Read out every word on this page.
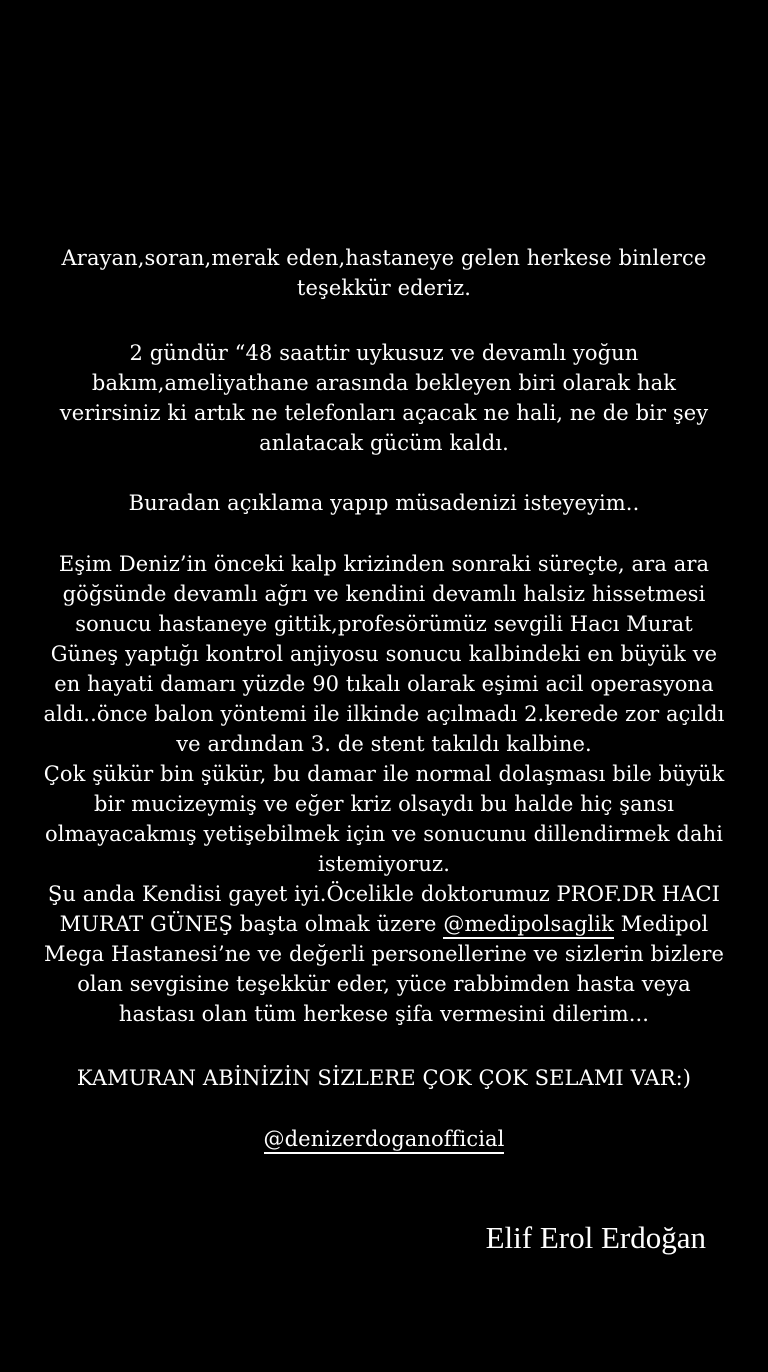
Arayan,soran,merak eden,hastaneye gelen herkese binlerce teşekkür ederiz.
2 gündür “48 saattir uykusuz ve devamlı yoğun bakım,ameliyathane arasında bekleyen biri olarak hak verirsiniz ki artık ne telefonları açacak ne hali, ne de bir şey anlatacak gücüm kaldı.
Buradan açıklama yapıp müsadenizi isteyeyim..
Eşim Deniz’in önceki kalp krizinden sonraki süreçte, ara ara göğsünde devamlı ağrı ve kendini devamlı halsiz hissetmesi sonucu hastaneye gittik,profesörümüz sevgili Hacı Murat Güneş yaptığı kontrol anjiyosu sonucu kalbindeki en büyük ve en hayati damarı yüzde 90 tıkalı olarak eşimi acil operasyona aldı..önce balon yöntemi ile ilkinde açılmadı 2.kerede zor açıldı ve ardından 3. de stent takıldı kalbine.
Çok şükür bin şükür, bu damar ile normal dolaşması bile büyük bir mucizeymiş ve eğer kriz olsaydı bu halde hiç şansı olmayacakmış yetişebilmek için ve sonucunu dillendirmek dahi istemiyoruz.
Şu anda Kendisi gayet iyi.Öcelikle doktorumuz PROF.DR HACI MURAT GÜNEŞ başta olmak üzere @medipolsaglik Medipol Mega Hastanesi’ne ve değerli personellerine ve sizlerin bizlere olan sevgisine teşekkür eder, yüce rabbimden hasta veya hastası olan tüm herkese şifa vermesini dilerim...
KAMURAN ABİNİZİN SİZLERE ÇOK ÇOK SELAMI VAR:)
@denizerdoganofficial
Elif Erol Erdoğan
